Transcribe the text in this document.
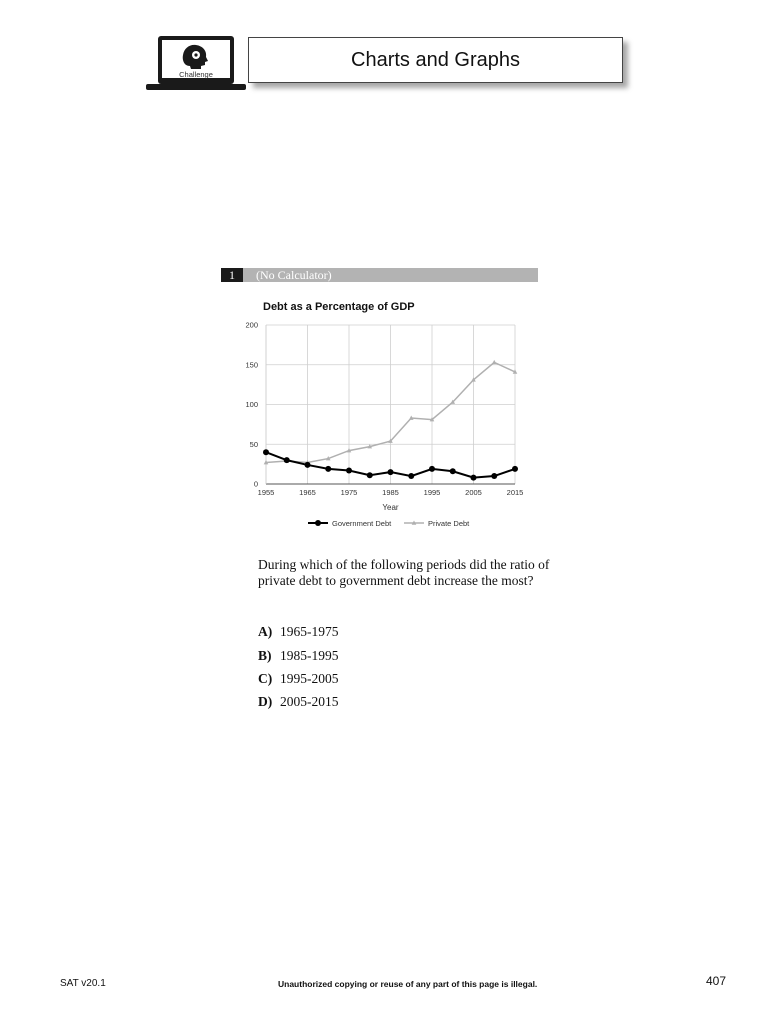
Challenge
Charts and Graphs
1	(No Calculator)
Debt as a Percentage of GDP
0
50
100
150
200
1955	1965	1975	1985	1995	2005	2015
Year
Government Debt	Private Debt
During which of the following periods did the ratio of private debt to government debt increase the most?
A) 1965-1975
B) 1985-1995
C) 1995-2005
D) 2005-2015
SAT v20.1	Unauthorized copying or reuse of any part of this page is illegal.	407
